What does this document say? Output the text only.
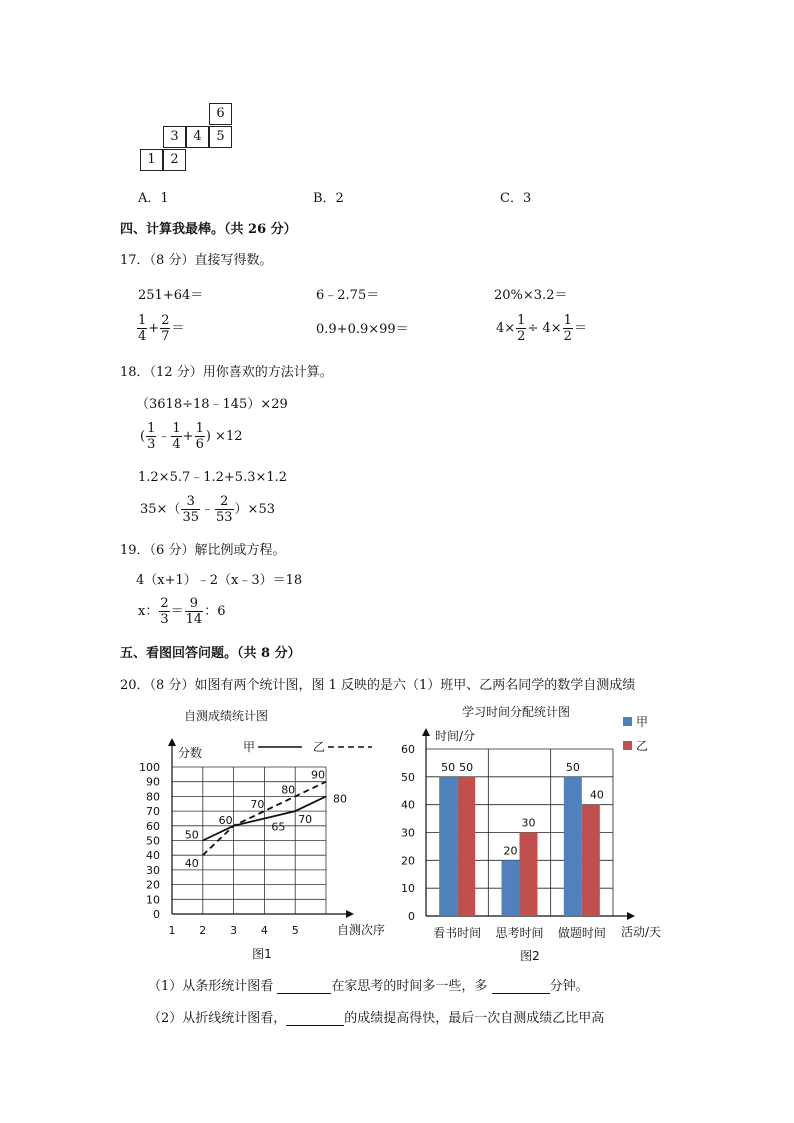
6
3	4	5
1	2
A．1	B．2	C．3
四、计算我最棒。（共 26 分）
17．（8 分）直接写得数。
251+64＝	6﹣2.75＝	20%×3.2＝
$\frac{1}{4} + \frac{2}{7}$ ＝	0.9+0.9×99＝	$4\times \frac{1}{2} \div 4\times \frac{1}{2}$ ＝
18．（12 分）用你喜欢的方法计算。
（3618÷18﹣145）×29
( $\frac{1}{3}$ ﹣ $\frac{1}{4} + \frac{1}{6}$ ) ×12
1.2×5.7﹣1.2+5.3×1.2
$35\times( \frac{3}{35}$ ﹣ $\frac{2}{53} )\times 53$
19．（6 分）解比例或方程。
4（x+1）﹣2（x﹣3）＝18
x： $\frac{2}{3} = \frac{9}{14}$ ：6
五、看图回答问题。（共 8 分）
20．（8 分）如图有两个统计图，图 1 反映的是六（1）班甲、乙两名同学的数学自测成绩
自测成绩统计图
分数
自测次序
图1
0
10
20
30
40
50
60
70
80
90
100
1 2 3 4 5
甲	乙
50
60
65
70
80
40
70
80
90
学习时间分配统计图
时间/分
活动/天
图2
0
10
20
30
40
50
60
看书时间
50 50
思考时间
20
30
做题时间
50
40
甲
乙
（1）从条形统计图看	在家思考的时间多一些，多	分钟。
（2）从折线统计图看，	的成绩提高得快，最后一次自测成绩乙比甲高
